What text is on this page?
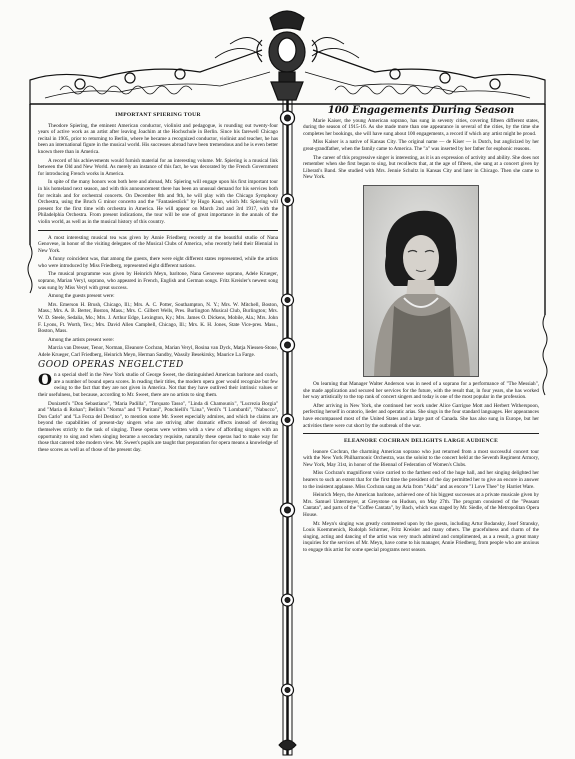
IMPORTANT SPIERING TOUR

Theodore Spiering, the eminent American conductor, violinist and pedagogue, is rounding out twenty-four years of active work as an artist after leaving Joachim at the Hochschule in Berlin. Since his farewell Chicago recital in 1905, prior to returning to Berlin, where he became a recognized conductor, violinist and teacher, he has been an international figure in the musical world. His successes abroad have been tremendous and he is even better known there than in America.

A record of his achievements would furnish material for an interesting volume. Mr. Spiering is a musical link between the Old and New World. As merely an instance of this fact, he was decorated by the French Government for introducing French works in America.

In spite of the many honors won both here and abroad, Mr. Spiering will engage upon his first important tour in his homeland next season, and with this announcement there has been an unusual demand for his services both for recitals and for orchestral concerts. On December 8th and 9th, he will play with the Chicago Symphony Orchestra, using the Bruch G minor concerto and the "Fantasiestück" by Hugo Kaun, which Mr. Spiering will present for the first time with orchestra in America. He will appear on March 2nd and 3rd 1917, with the Philadelphia Orchestra. From present indications, the tour will be one of great importance in the annals of the violin world, as well as in the musical history of this country.

A most interesting musical tea was given by Annie Friedberg recently at the beautiful studio of Nana Genovese, in honor of the visiting delegates of the Musical Clubs of America, who recently held their Biennial in New York.

A funny coincident was, that among the guests, there were eight different states represented, while the artists who were introduced by Miss Friedberg, represented eight different nations.

The musical programme was given by Heinrich Meyn, baritone, Nana Genovese soprano, Adele Krueger, soprano, Marian Veryl, soprano, who appeared in French, English and German songs. Fritz Kreisler's newest song was sung by Miss Veryl with great success.

Among the guests present were:

Mrs. Emerson H. Brush, Chicago, Ill.; Mrs. A. C. Potter, Southampton, N. Y.; Mrs. W. Mitchell, Boston, Mass.; Mrs. A. B. Berter, Boston, Mass.; Mrs. C. Gilbert Wells, Pres. Burlington Musical Club, Burlington; Mrs. W. D. Steele, Sedalia, Mo.; Mrs. J. Arthur Edge, Lexington, Ky.; Mrs. James O. Dickens, Mobile, Ala.; Mrs. John F. Lyons, Ft. Worth, Tex.; Mrs. David Allen Campbell, Chicago, Ill.; Mrs. K. H. Jones, State Vice-pres. Mass., Boston, Mass.

Among the artists present were:

Marcia van Dresser, Tenor, Norman, Eleanore Cochran, Marian Veryl, Rosina van Dyck, Matja Niessen-Stone, Adele Krueger, Carl Friedberg, Heinrich Meyn, Herman Sandby, Wassily Besekirsky, Maurice La Farge.

GOOD OPERAS NEGELCTED

On a special shelf in the New York studio of George Sweet, the distinguished American baritone and coach, are a number of bound opera scores. In reading their titles, the modern opera goer would recognize but few owing to the fact that they are not given in America. Not that they have outlived their intrinsic values or their usefulness, but because, according to Mr. Sweet, there are no artists to sing them.

Donizetti's "Don Sebastiano", "Maria Padilla", "Torquato Tasso", "Linda di Chamounix", "Lucrezia Borgia" and "Maria di Rohan"; Bellini's "Norma" and "I Puritani", Ponchielli's "Lina", Verdi's "I Lombardi", "Nabucco", Don Carlo" and "La Forza del Destino", to mention some Mr. Sweet especially admires, and which he claims are beyond the capabilities of present-day singers who are striving after dramatic effects instead of devoting themselves strictly to the task of singing. These operas were written with a view of affording singers with an opportunity to sing and when singing became a secondary requisite, naturally these operas had to make way for those that catered tobe modern view. Mr. Sweet's pupils are taught that preparation for opera means a knowledge of these scores as well as of those of the present day.

100 Engagements During Season

Marie Kaiser, the young American soprano, has sung in seventy cities, covering fifteen different states, during the season of 1915-16. As she made more than one appearance in several of the cities, by the time she completes her bookings, she will have sung about 100 engagements, a record if which any artist might be proud.

Miss Kaiser is a native of Kansas City. The original name — de Kiser — is Dutch, but anglicized by her great-grandfather, when the family came to America. The "a" was inserted by her father for euphonic reasons.

The career of this progressive singer is interesting, as it is an expression of activity and ability. She does not remember when she first began to sing, but recollects that, at the age of fifteen, she sang at a concert given by Liberati's Band. She studied with Mrs. Jennie Schultz in Kansas City and later in Chicago. Then she came to New York.

On learning that Manager Walter Anderson was in need of a soprano for a performance of "The Messiah", she made application and secured her services for the future, with the result that, in four years, she has worked her way artistically to the top rank of concert singers and today is one of the most popular in the profession.

After arriving in New York, she continued her work under Alice Garrigue Mott and Herbert Witherspoon, perfecting herself in oratorio, lieder and operatic arias. She sings in the four standard languages. Her appearances have encompassed most of the United States and a large part of Canada. She has also sung in Europe, but her activities there were cut short by the outbreak of the war.

ELEANORE COCHRAN DELIGHTS LARGE AUDIENCE

leanore Cochran, the charming American soprano who just returned from a most successful concert tour with the New York Philharmonic Orchestra, was the soloist to the concert held at the Seventh Regiment Armory, New York, May 31st, in honor of the Biennal of Federation of Women's Clubs.

Miss Cochran's magnificent voice carried to the farthest end of the huge hall, and her singing delighted her hearers to such an extent that for the first time the president of the day permitted her to give an encore in answer to the insistent applause. Miss Cochran sang an Aria from "Aida" and as encore "I Love Thee" by Harriet Ware.

Heinrich Meyn, the American baritone, achieved one of his biggest successes at a private musicale given by Mrs. Samuel Untermeyer, at Greystone on Hudson, on May 27th. The program consisted of the "Peasant Cantata", and parts of the "Coffee Cantata", by Bach, which was staged by Mr. Siedle, of the Metropolitan Opera House.

Mr. Meyn's singing was greatly commented upon by the guests, including Artur Bodansky, Josef Stransky, Louis Koemmenich, Rudolph Schirmer, Fritz Kreisler and many others. The gracefulness and charm of the singing, acting and dancing of the artist was very much admired and complimented, as a a result, a great many inquiries for the services of Mr. Meyn, have come to his manager, Annie Friedberg, from people who are anxious to engage this artist for some special programs next season.
